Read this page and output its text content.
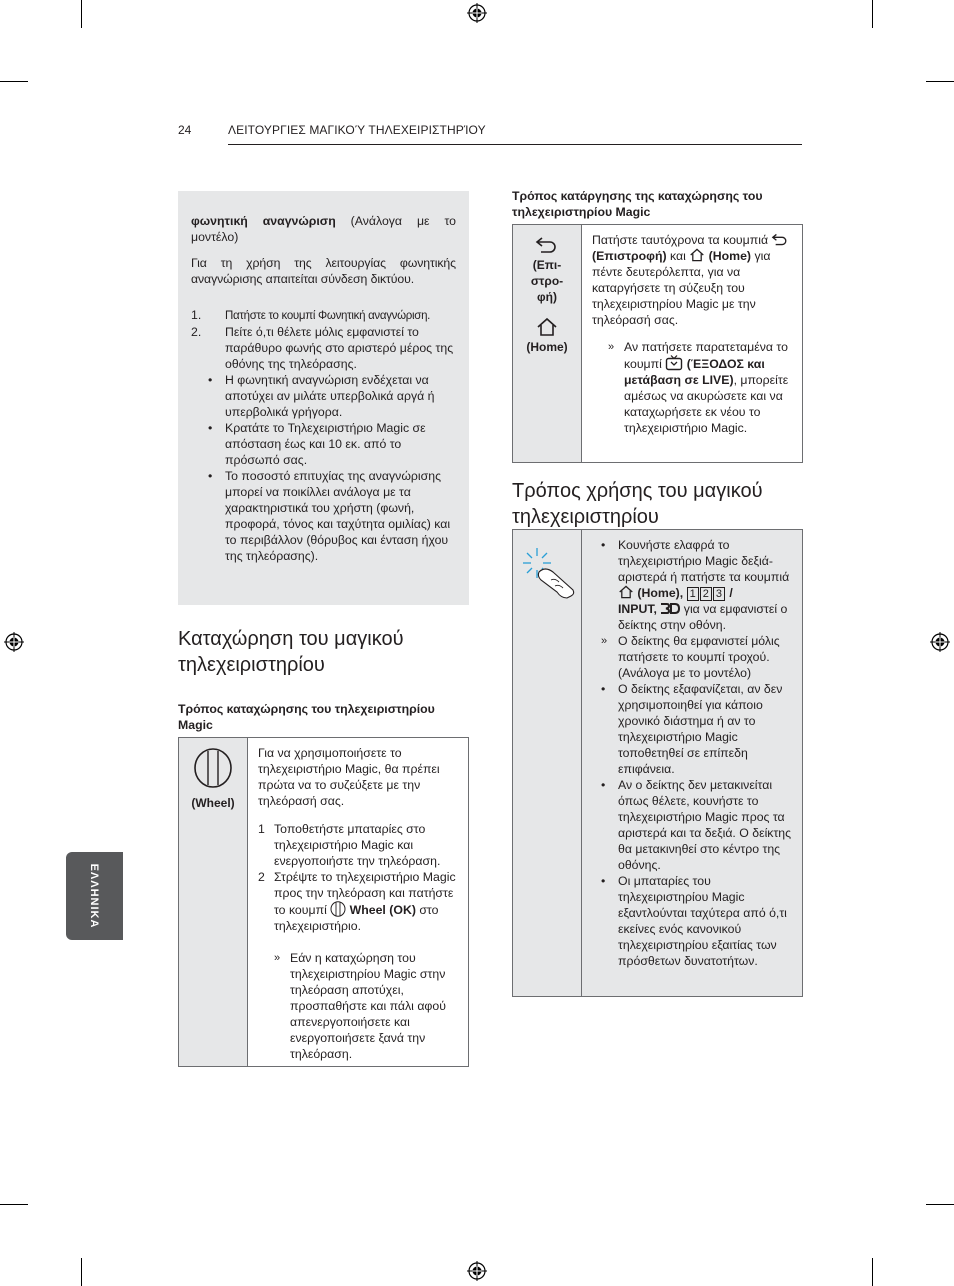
24	ΛΕΙΤΟΥΡΓΙΕΣ ΜΑΓΙΚΟΎ ΤΗΛΕΧΕΙΡΙΣΤΗΡΊΟΥ
ΕΛΛΗΝΙΚΑ

φωνητική αναγνώριση (Ανάλογα με το μοντέλο)

Για τη χρήση της λειτουργίας φωνητικής αναγνώρισης απαιτείται σύνδεση δικτύου.

1. Πατήστε το κουμπί Φωνητική αναγνώριση.
2. Πείτε ό,τι θέλετε μόλις εμφανιστεί το παράθυρο φωνής στο αριστερό μέρος της οθόνης της τηλεόρασης.
• Η φωνητική αναγνώριση ενδέχεται να αποτύχει αν μιλάτε υπερβολικά αργά ή υπερβολικά γρήγορα.
• Κρατάτε το Τηλεχειριστήριο Magic σε απόσταση έως και 10 εκ. από το πρόσωπό σας.
• Το ποσοστό επιτυχίας της αναγνώρισης μπορεί να ποικίλλει ανάλογα με τα χαρακτηριστικά του χρήστη (φωνή, προφορά, τόνος και ταχύτητα ομιλίας) και το περιβάλλον (θόρυβος και ένταση ήχου της τηλεόρασης).
Καταχώρηση του μαγικού τηλεχειριστηρίου

Τρόπος καταχώρησης του τηλεχειριστηρίου Magic

(Wheel)

Για να χρησιμοποιήσετε το τηλεχειριστήριο Magic, θα πρέπει πρώτα να το συζεύξετε με την τηλεόρασή σας.

1 Τοποθετήστε μπαταρίες στο τηλεχειριστήριο Magic και ενεργοποιήστε την τηλεόραση.
2 Στρέψτε το τηλεχειριστήριο Magic προς την τηλεόραση και πατήστε το κουμπί  Wheel (OK) στο τηλεχειριστήριο.
» Εάν η καταχώρηση του τηλεχειριστηρίου Magic στην τηλεόραση αποτύχει, προσπαθήστε και πάλι αφού απενεργοποιήσετε και ενεργοποιήσετε ξανά την τηλεόραση.

Τρόπος κατάργησης της καταχώρησης του τηλεχειριστηρίου Magic

(Επι-
στρο-
φή)
(Home)

Πατήστε ταυτόχρονα τα κουμπιά  (Επιστροφή) και  (Home) για πέντε δευτερόλεπτα, για να καταργήσετε τη σύζευξη του τηλεχειριστηρίου Magic με την τηλεόρασή σας.

» Αν πατήσετε παρατεταμένα το κουμπί  (ΈΞΟΔΟΣ και μετάβαση σε LIVE), μπορείτε αμέσως να ακυρώσετε και να καταχωρήσετε εκ νέου το τηλεχειριστήριο Magic.
Τρόπος χρήσης του μαγικού τηλεχειριστηρίου

• Κουνήστε ελαφρά το τηλεχειριστήριο Magic δεξιά-αριστερά ή πατήστε τα κουμπιά  (Home), 1 2 3 /
INPUT,  για να εμφανιστεί ο δείκτης στην οθόνη.
» Ο δείκτης θα εμφανιστεί μόλις πατήσετε το κουμπί τροχού.(Ανάλογα με το μοντέλο)
• Ο δείκτης εξαφανίζεται, αν δεν χρησιμοποιηθεί για κάποιο χρονικό διάστημα ή αν το τηλεχειριστήριο Magic τοποθετηθεί σε επίπεδη επιφάνεια.
• Αν ο δείκτης δεν μετακινείται όπως θέλετε, κουνήστε το τηλεχειριστήριο Magic προς τα αριστερά και τα δεξιά. Ο δείκτης θα μετακινηθεί στο κέντρο της οθόνης.
• Οι μπαταρίες του τηλεχειριστηρίου Magic εξαντλούνται ταχύτερα από ό,τι εκείνες ενός κανονικού τηλεχειριστηρίου εξαιτίας των πρόσθετων δυνατοτήτων.
